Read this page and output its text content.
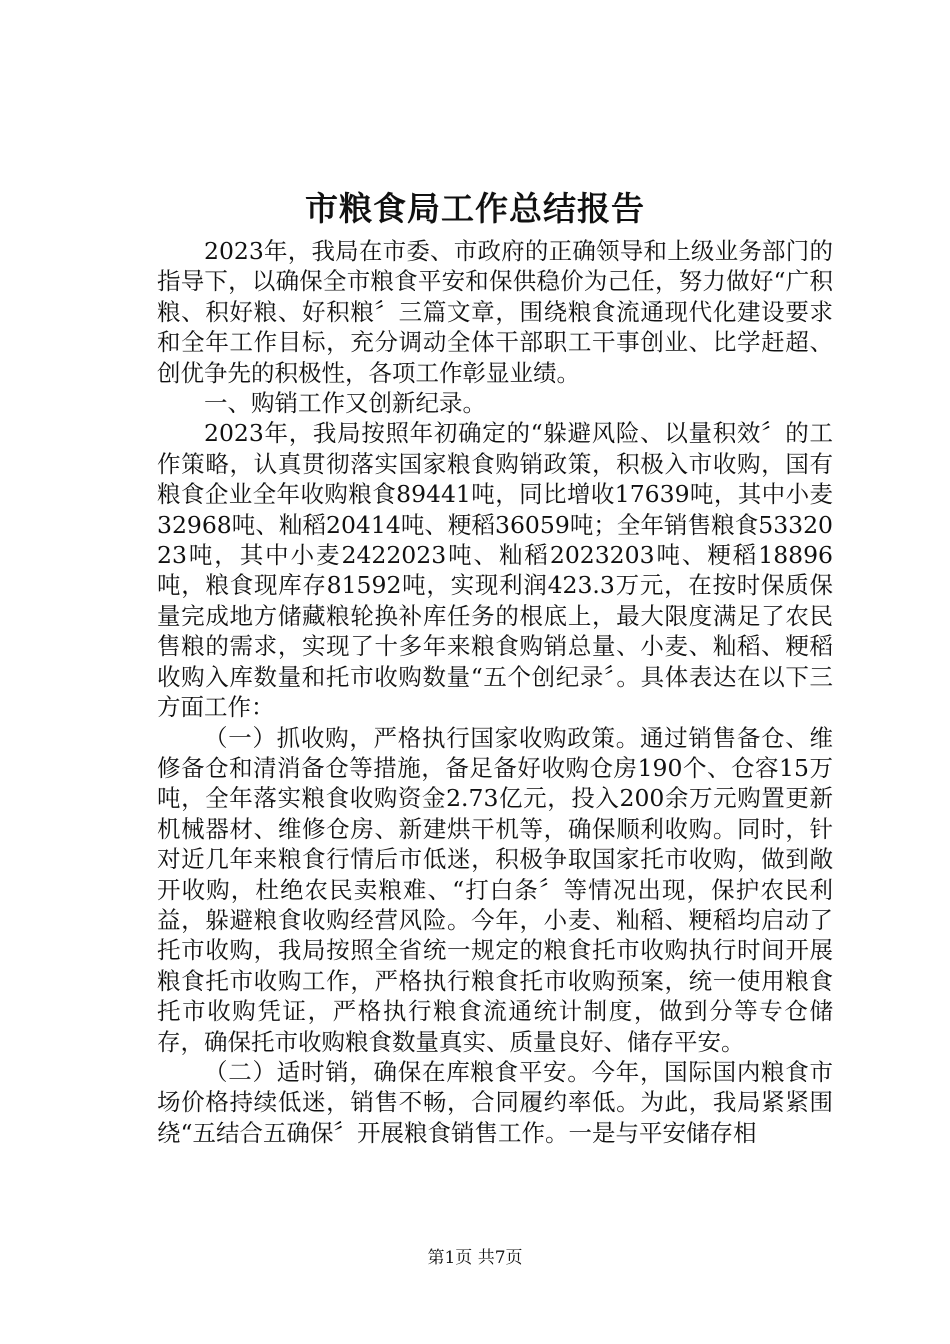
市粮食局工作总结报告

2023年，我局在市委、市政府的正确领导和上级业务部门的指导下，以确保全市粮食平安和保供稳价为己任，努力做好“广积粮、积好粮、好积粮〞三篇文章，围绕粮食流通现代化建设要求和全年工作目标，充分调动全体干部职工干事创业、比学赶超、创优争先的积极性，各项工作彰显业绩。

一、购销工作又创新纪录。

2023年，我局按照年初确定的“躲避风险、以量积效〞的工作策略，认真贯彻落实国家粮食购销政策，积极入市收购，国有粮食企业全年收购粮食89441吨，同比增收17639吨，其中小麦32968吨、籼稻20414吨、粳稻36059吨；全年销售粮食5332023吨，其中小麦2422023吨、籼稻2023203吨、粳稻18896吨，粮食现库存81592吨，实现利润423.3万元，在按时保质保量完成地方储藏粮轮换补库任务的根底上，最大限度满足了农民售粮的需求，实现了十多年来粮食购销总量、小麦、籼稻、粳稻收购入库数量和托市收购数量“五个创纪录〞。具体表达在以下三方面工作：

（一）抓收购，严格执行国家收购政策。通过销售备仓、维修备仓和清消备仓等措施，备足备好收购仓房190个、仓容15万吨，全年落实粮食收购资金2.73亿元，投入200余万元购置更新机械器材、维修仓房、新建烘干机等，确保顺利收购。同时，针对近几年来粮食行情后市低迷，积极争取国家托市收购，做到敞开收购，杜绝农民卖粮难、“打白条〞等情况出现，保护农民利益，躲避粮食收购经营风险。今年，小麦、籼稻、粳稻均启动了托市收购，我局按照全省统一规定的粮食托市收购执行时间开展粮食托市收购工作，严格执行粮食托市收购预案，统一使用粮食托市收购凭证，严格执行粮食流通统计制度，做到分等专仓储存，确保托市收购粮食数量真实、质量良好、储存平安。

（二）适时销，确保在库粮食平安。今年，国际国内粮食市场价格持续低迷，销售不畅，合同履约率低。为此，我局紧紧围绕“五结合五确保〞开展粮食销售工作。一是与平安储存相

第1页 共7页
